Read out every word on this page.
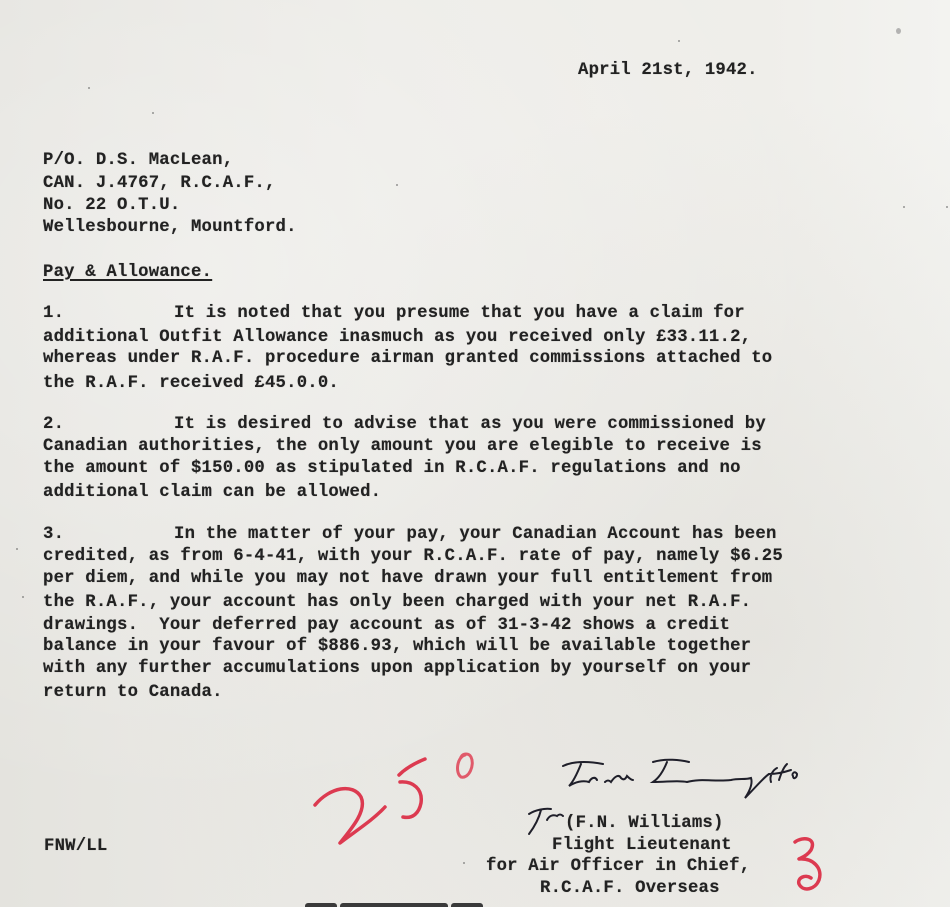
April 21st, 1942.
P/O. D.S. MacLean,
CAN. J.4767, R.C.A.F.,
No. 22 O.T.U.
Wellesbourne, Mountford.
Pay & Allowance.
1.	It is noted that you presume that you have a claim for
additional Outfit Allowance inasmuch as you received only £33.11.2,
whereas under R.A.F. procedure airman granted commissions attached to
the R.A.F. received £45.0.0.
2.	It is desired to advise that as you were commissioned by
Canadian authorities, the only amount you are elegible to receive is
the amount of $150.00 as stipulated in R.C.A.F. regulations and no
additional claim can be allowed.
3.	In the matter of your pay, your Canadian Account has been
credited, as from 6-4-41, with your R.C.A.F. rate of pay, namely $6.25
per diem, and while you may not have drawn your full entitlement from
the R.A.F., your account has only been charged with your net R.A.F.
drawings.  Your deferred pay account as of 31-3-42 shows a credit
balance in your favour of $886.93, which will be available together
with any further accumulations upon application by yourself on your
return to Canada.
(F.N. Williams)
Flight Lieutenant
for Air Officer in Chief,
R.C.A.F. Overseas
FNW/LL
